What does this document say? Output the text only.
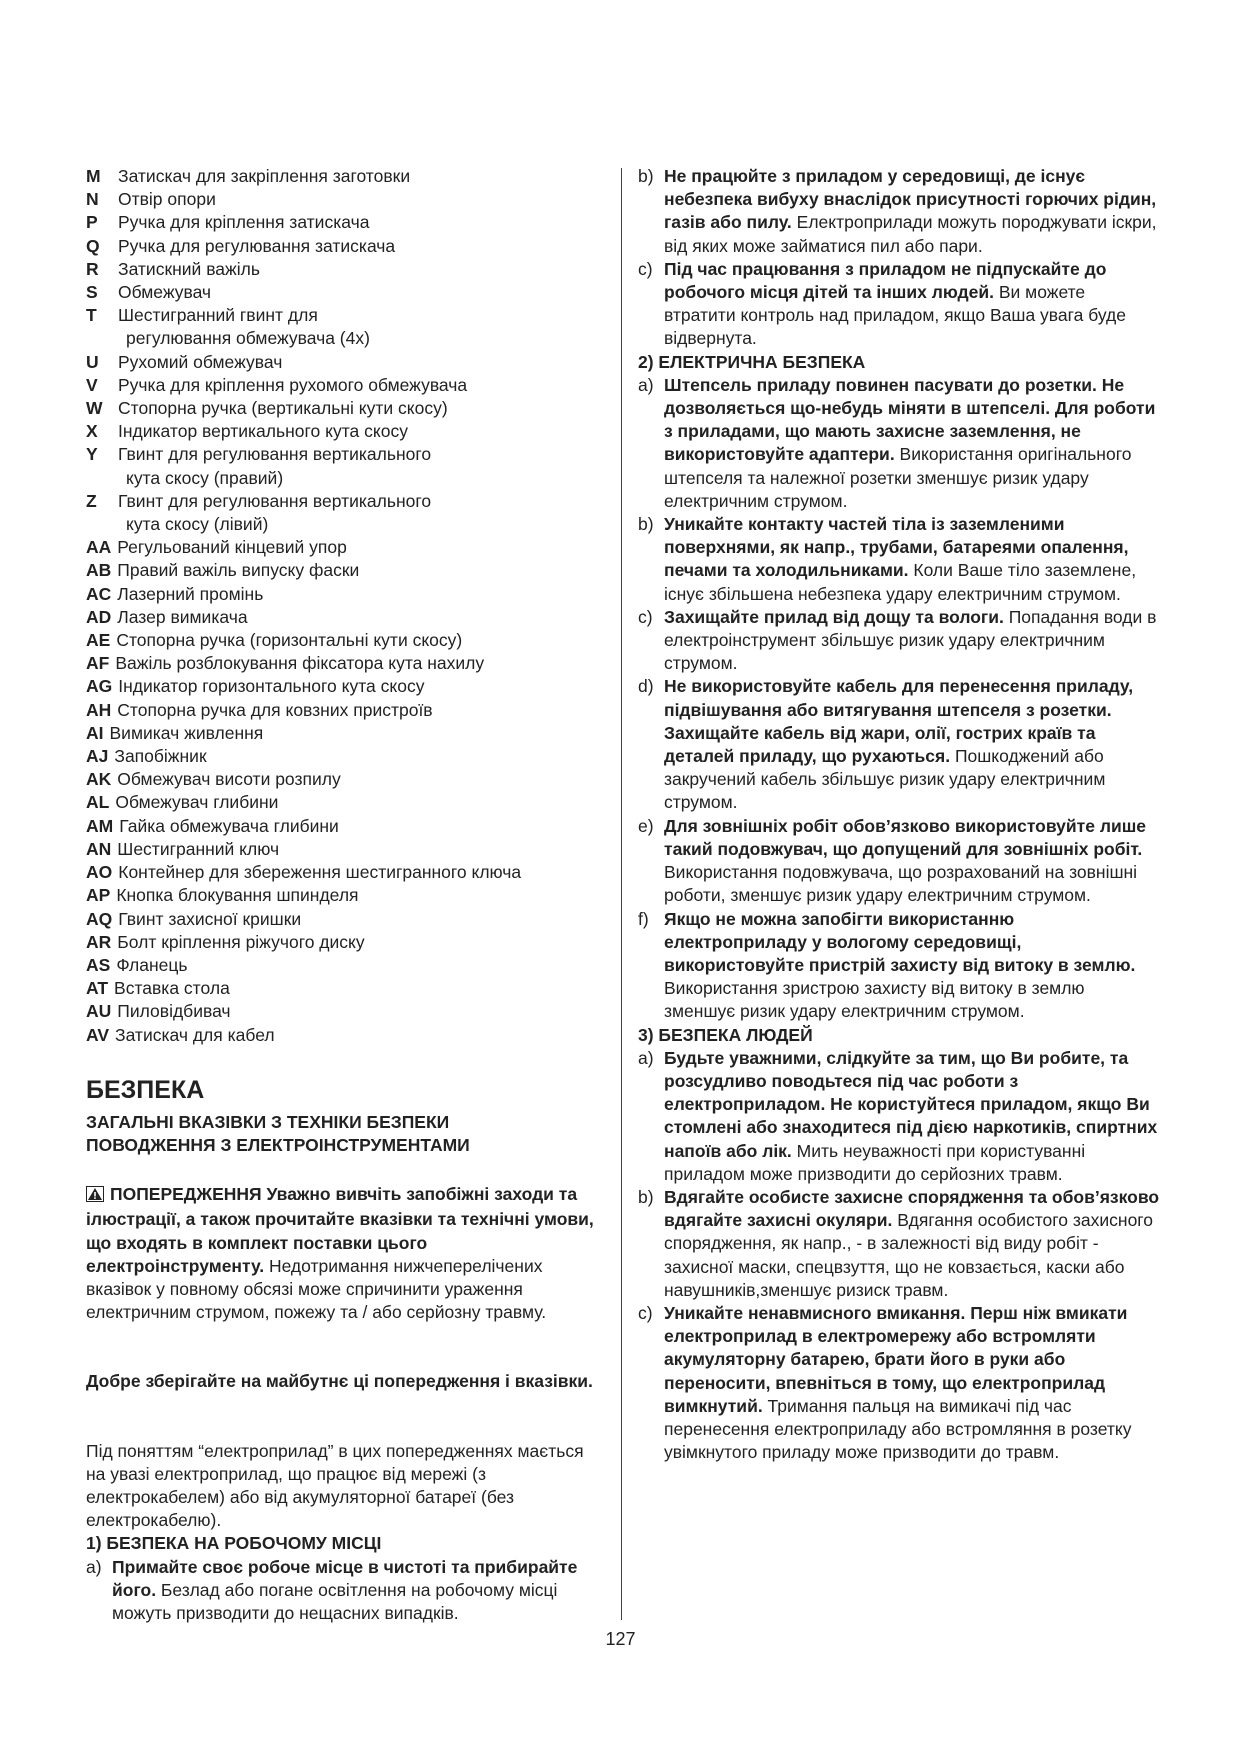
M Затискач для закріплення заготовки
N	Отвір опори
P	Ручка для кріплення затискача
Q	Ручка для регулювання затискача
R	Затискний важіль
S	Обмежувач
T	Шестигранний гвинт для
регулювання обмежувача (4x)
U	Рухомий обмежувач
V	Ручка для кріплення рухомого обмежувача
W Стопорна ручка (вертикальні кути скосу)
X	Індикатор вертикального кута скосу
Y	Гвинт для регулювання вертикального
кута скосу (правий)
Z	Гвинт для регулювання вертикального
кута скосу (лівий)
AA Регульований кінцевий упор
AB Правий важіль випуску фаски
AC Лазерний промінь
AD Лазер вимикача
AE Стопорна ручка (горизонтальні кути скосу)
AF Важіль розблокування фіксатора кута нахилу
AG Індикатор горизонтального кута скосу
AH Стопорна ручка для ковзних пристроїв
AI Вимикач живлення
AJ Запобіжник
AK Обмежувач висоти розпилу
AL Обмежувач глибини
AM Гайка обмежувача глибини
AN Шестигранний ключ
AO Контейнер для збереження шестигранного ключа
AP Кнопка блокування шпинделя
AQ Гвинт захисної кришки
AR Болт кріплення ріжучого диску
AS Фланець
AT Вставка стола
AU Пиловідбивач
AV Затискач для кабел
БЕЗПЕКА
ЗАГАЛЬНІ ВКАЗІВКИ З ТЕХНІКИ БЕЗПЕКИ
ПОВОДЖЕННЯ З ЕЛЕКТРОІНСТРУМЕНТАМИ

ПОПЕРЕДЖЕННЯ Уважно вивчіть запобіжні заходи та ілюстрації, а також прочитайте вказівки та технічні умови, що входять в комплект поставки цього електроінструменту. Недотримання нижчеперелічених вказівок у повному обсязі може спричинити ураження електричним струмом, пожежу та / або серйозну травму.

Добре зберігайте на майбутнє ці попередження і вказівки.

Під поняттям “електроприлад” в цих попередженнях мається на увазі електроприлад, що працює від мережі (з електрокабелем) або від акумуляторної батареї (без електрокабелю).

1) БЕЗПЕКА НА РОБОЧОМУ МІСЦІ

a) Примайте своє робоче місце в чистоті та прибирайте його. Безлад або погане освітлення на робочому місці можуть призводити до нещасних випадків.
b) Не працюйте з приладом у середовищі, де існує небезпека вибуху внаслідок присутності горючих рідин, газів або пилу. Електроприлади можуть породжувати іскри, від яких може займатися пил або пари.
c) Під час працювання з приладом не підпускайте до робочого місця дітей та інших людей. Ви можете втратити контроль над приладом, якщо Ваша увага буде відвернута.

2) ЕЛЕКТРИЧНА БЕЗПЕКА

a) Штепсель приладу повинен пасувати до розетки. Не дозволяється що-небудь міняти в штепселі. Для роботи з приладами, що мають захисне заземлення, не використовуйте адаптери. Використання оригінального штепселя та належної розетки зменшує ризик удару електричним струмом.
b) Уникайте контакту частей тіла із заземленими поверхнями, як напр., трубами, батареями опалення, печами та холодильниками. Коли Ваше тіло заземлене, існує збільшена небезпека удару електричним струмом.
c) Захищайте прилад від дощу та вологи. Попадання води в електроінструмент збільшує ризик удару електричним струмом.
d) Не використовуйте кабель для перенесення приладу, підвішування або витягування штепселя з розетки. Захищайте кабель від жари, олії, гострих країв та деталей приладу, що рухаються. Пошкоджений або закручений кабель збільшує ризик удару електричним струмом.
e) Для зовнішніх робіт обов’язково використовуйте лише такий подовжувач, що допущений для зовнішніх робіт. Використання подовжувача, що розрахований на зовнішні роботи, зменшує ризик удару електричним струмом.
f) Якщо не можна запобігти використанню електроприладу у вологому середовищі, використовуйте пристрій захисту від витоку в землю. Використання зристрою захисту від витоку в землю зменшує ризик удару електричним струмом.

3) БЕЗПЕКА ЛЮДЕЙ

a) Будьте уважними, слідкуйте за тим, що Ви робите, та розсудливо поводьтеся під час роботи з електроприладом. Не користуйтеся приладом, якщо Ви стомлені або знаходитеся під дією наркотиків, спиртних напоїв або лік. Мить неуважності при користуванні приладом може призводити до серйозних травм.
b) Вдягайте особисте захисне спорядження та обов’язково вдягайте захисні окуляри. Вдягання особистого захисного спорядження, як напр., - в залежності від виду робіт - захисної маски, спецвзуття, що не ковзається, каски або навушників,зменшує ризиск травм.
c) Уникайте ненавмисного вмикання. Перш ніж вмикати електроприлад в електромережу або встромляти акумуляторну батарею, брати його в руки або переносити, впевніться в тому, що електроприлад вимкнутий. Тримання пальця на вимикачі під час перенесення електроприладу або встромляння в розетку увімкнутого приладу може призводити до травм.
127
